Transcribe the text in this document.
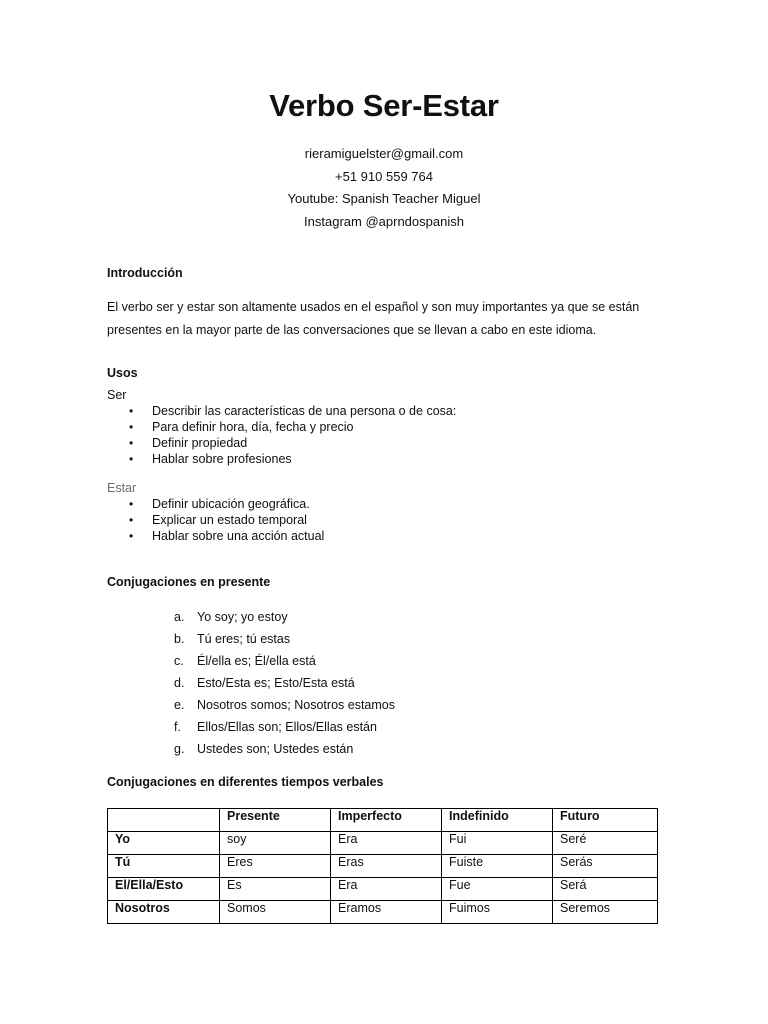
Verbo Ser-Estar
rieramiguelster@gmail.com
+51 910 559 764
Youtube: Spanish Teacher Miguel
Instagram @aprndospanish
Introducción
El verbo ser y estar son altamente usados en el español y son muy importantes ya que se están
presentes en la mayor parte de las conversaciones que se llevan a cabo en este idioma.
Usos
Ser
• Describir las características de una persona o de cosa:
• Para definir hora, día, fecha y precio
• Definir propiedad
• Hablar sobre profesiones
Estar
• Definir ubicación geográfica.
• Explicar un estado temporal
• Hablar sobre una acción actual
Conjugaciones en presente
a. Yo soy; yo estoy
b. Tú eres; tú estas
c. Él/ella es; Él/ella está
d. Esto/Esta es; Esto/Esta está
e. Nosotros somos; Nosotros estamos
f. Ellos/Ellas son; Ellos/Ellas están
g. Ustedes son; Ustedes están
Conjugaciones en diferentes tiempos verbales
	Presente	Imperfecto	Indefinido	Futuro
Yo	soy	Era	Fui	Seré
Tú	Eres	Eras	Fuiste	Serás
El/Ella/Esto	Es	Era	Fue	Será
Nosotros	Somos	Eramos	Fuimos	Seremos
